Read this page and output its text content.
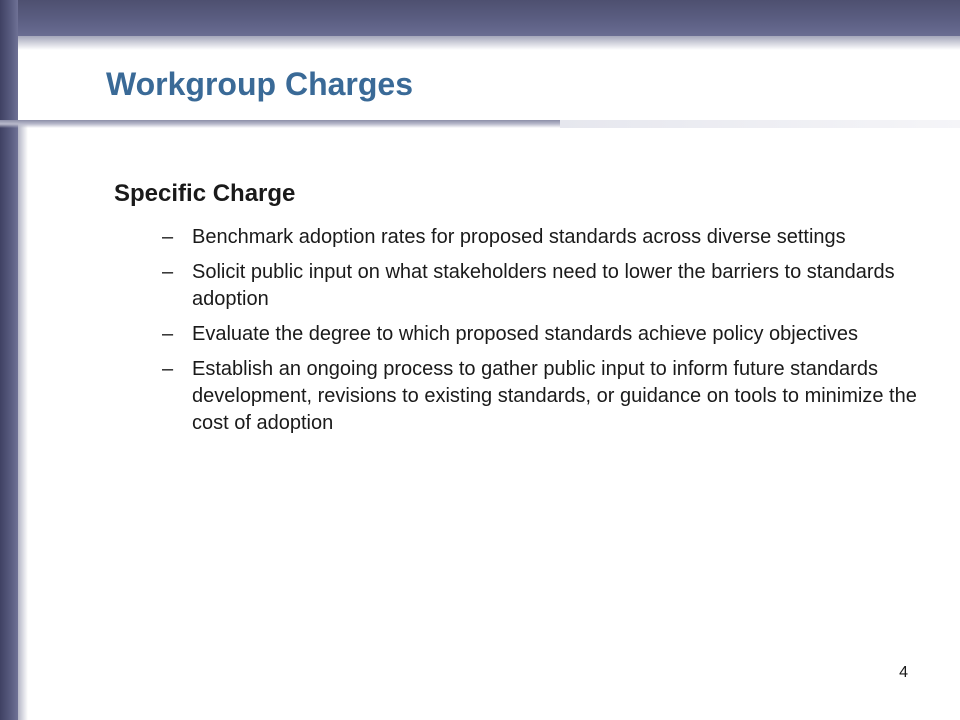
Workgroup Charges
Specific Charge
– Benchmark adoption rates for proposed standards across diverse settings
– Solicit public input on what stakeholders need to lower the barriers to standards adoption
– Evaluate the degree to which proposed standards achieve policy objectives
– Establish an ongoing process to gather public input to inform future standards development, revisions to existing standards, or guidance on tools to minimize the cost of adoption
4
